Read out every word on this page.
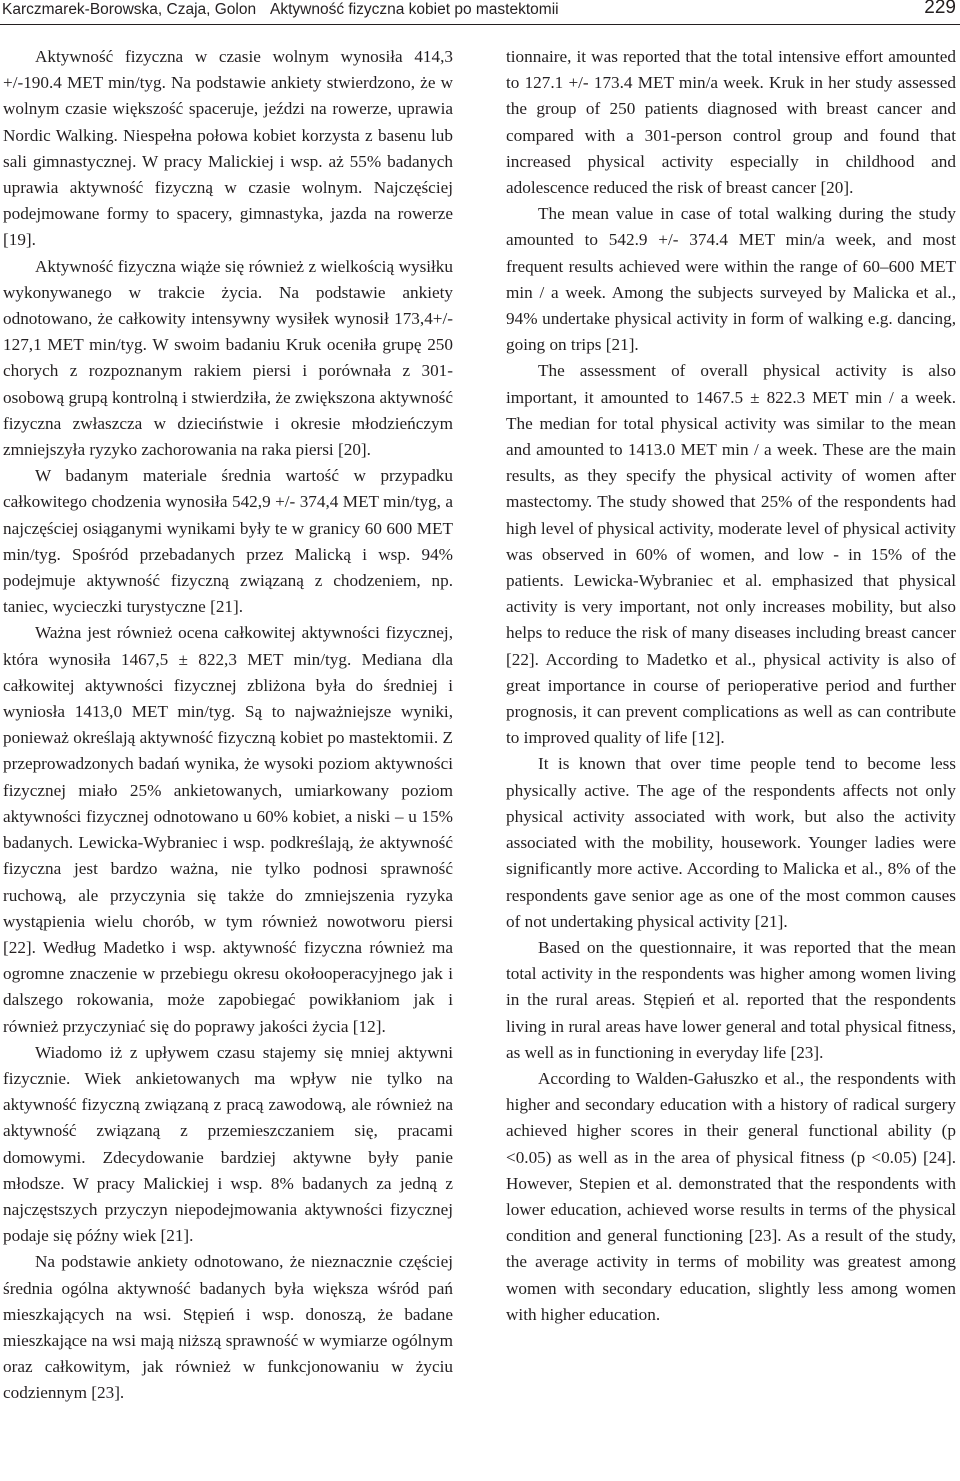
Karczmarek-Borowska, Czaja, Golon Aktywność fizyczna kobiet po mastektomii	229

Aktywność fizyczna w czasie wolnym wynosiła 414,3 +/-190.4 MET min/tyg. Na podstawie ankiety stwierdzono, że w wolnym czasie większość spaceruje, jeździ na rowerze, uprawia Nordic Walking. Niespełna połowa kobiet korzysta z basenu lub sali gimnastycznej. W pracy Malickiej i wsp. aż 55% badanych uprawia aktywność fizyczną w czasie wolnym. Najczęściej podejmowane formy to spacery, gimnastyka, jazda na rowerze [19].

Aktywność fizyczna wiąże się również z wielkością wysiłku wykonywanego w trakcie życia. Na podstawie ankiety odnotowano, że całkowity intensywny wysiłek wynosił 173,4+/- 127,1 MET min/tyg. W swoim badaniu Kruk oceniła grupę 250 chorych z rozpoznanym rakiem piersi i porównała z 301-osobową grupą kontrolną i stwierdziła, że zwiększona aktywność fizyczna zwłaszcza w dzieciństwie i okresie młodzieńczym zmniejszyła ryzyko zachorowania na raka piersi [20].

W badanym materiale średnia wartość w przypadku całkowitego chodzenia wynosiła 542,9 +/- 374,4 MET min/tyg, a najczęściej osiąganymi wynikami były te w granicy 60 600 MET min/tyg. Spośród przebadanych przez Malicką i wsp. 94% podejmuje aktywność fizyczną związaną z chodzeniem, np. taniec, wycieczki turystyczne [21].

Ważna jest również ocena całkowitej aktywności fizycznej, która wynosiła 1467,5 ± 822,3 MET min/tyg. Mediana dla całkowitej aktywności fizycznej zbliżona była do średniej i wyniosła 1413,0 MET min/tyg. Są to najważniejsze wyniki, ponieważ określają aktywność fizyczną kobiet po mastektomii. Z przeprowadzonych badań wynika, że wysoki poziom aktywności fizycznej miało 25% ankietowanych, umiarkowany poziom aktywności fizycznej odnotowano u 60% kobiet, a niski – u 15% badanych. Lewicka-Wybraniec i wsp. podkreślają, że aktywność fizyczna jest bardzo ważna, nie tylko podnosi sprawność ruchową, ale przyczynia się także do zmniejszenia ryzyka wystąpienia wielu chorób, w tym również nowotworu piersi [22]. Według Madetko i wsp. aktywność fizyczna również ma ogromne znaczenie w przebiegu okresu okołooperacyjnego jak i dalszego rokowania, może zapobiegać powikłaniom jak i również przyczyniać się do poprawy jakości życia [12].

Wiadomo iż z upływem czasu stajemy się mniej aktywni fizycznie. Wiek ankietowanych ma wpływ nie tylko na aktywność fizyczną związaną z pracą zawodową, ale również na aktywność związaną z przemieszczaniem się, pracami domowymi. Zdecydowanie bardziej aktywne były panie młodsze. W pracy Malickiej i wsp. 8% badanych za jedną z najczęstszych przyczyn niepodejmowania aktywności fizycznej podaje się późny wiek [21].

Na podstawie ankiety odnotowano, że nieznacznie częściej średnia ogólna aktywność badanych była większa wśród pań mieszkających na wsi. Stępień i wsp. donoszą, że badane mieszkające na wsi mają niższą sprawność w wymiarze ogólnym oraz całkowitym, jak również w funkcjonowaniu w życiu codziennym [23].

tionnaire, it was reported that the total intensive effort amounted to 127.1 +/- 173.4 MET min/a week. Kruk in her study assessed the group of 250 patients diagnosed with breast cancer and compared with a 301-person control group and found that increased physical activity especially in childhood and adolescence reduced the risk of breast cancer [20].

The mean value in case of total walking during the study amounted to 542.9 +/- 374.4 MET min/a week, and most frequent results achieved were within the range of 60–600 MET min / a week. Among the subjects surveyed by Malicka et al., 94% undertake physical activity in form of walking e.g. dancing, going on trips [21].

The assessment of overall physical activity is also important, it amounted to 1467.5 ± 822.3 MET min / a week. The median for total physical activity was similar to the mean and amounted to 1413.0 MET min / a week. These are the main results, as they specify the physical activity of women after mastectomy. The study showed that 25% of the respondents had high level of physical activity, moderate level of physical activity was observed in 60% of women, and low - in 15% of the patients. Lewicka-Wybraniec et al. emphasized that physical activity is very important, not only increases mobility, but also helps to reduce the risk of many diseases including breast cancer [22]. According to Madetko et al., physical activity is also of great importance in course of perioperative period and further prognosis, it can prevent complications as well as can contribute to improved quality of life [12].

It is known that over time people tend to become less physically active. The age of the respondents affects not only physical activity associated with work, but also the activity associated with the mobility, housework. Younger ladies were significantly more active. According to Malicka et al., 8% of the respondents gave senior age as one of the most common causes of not undertaking physical activity [21].

Based on the questionnaire, it was reported that the mean total activity in the respondents was higher among women living in the rural areas. Stępień et al. reported that the respondents living in rural areas have lower general and total physical fitness, as well as in functioning in everyday life [23].

According to Walden-Gałuszko et al., the respondents with higher and secondary education with a history of radical surgery achieved higher scores in their general functional ability (p <0.05) as well as in the area of physical fitness (p <0.05) [24]. However, Stepien et al. demonstrated that the respondents with lower education, achieved worse results in terms of the physical condition and general functioning [23]. As a result of the study, the average activity in terms of mobility was greatest among women with secondary education, slightly less among women with higher education.
